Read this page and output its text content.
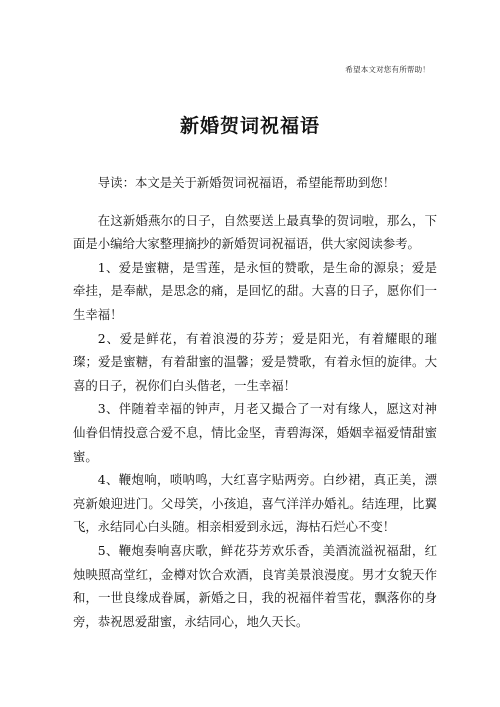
希望本文对您有所帮助！
新婚贺词祝福语

导读：本文是关于新婚贺词祝福语，希望能帮助到您！

在这新婚燕尔的日子，自然要送上最真挚的贺词啦，那么，下面是小编给大家整理摘抄的新婚贺词祝福语，供大家阅读参考。

1、爱是蜜糖，是雪莲，是永恒的赞歌，是生命的源泉；爱是牵挂，是奉献，是思念的痛，是回忆的甜。大喜的日子，愿你们一生幸福！

2、爱是鲜花，有着浪漫的芬芳；爱是阳光，有着耀眼的璀璨；爱是蜜糖，有着甜蜜的温馨；爱是赞歌，有着永恒的旋律。大喜的日子，祝你们白头偕老，一生幸福！

3、伴随着幸福的钟声，月老又撮合了一对有缘人，愿这对神仙眷侣情投意合爱不息，情比金坚，青碧海深，婚姻幸福爱情甜蜜蜜。

4、鞭炮响，唢呐鸣，大红喜字贴两旁。白纱裙，真正美，漂亮新娘迎进门。父母笑，小孩追，喜气洋洋办婚礼。结连理，比翼飞，永结同心白头随。相亲相爱到永远，海枯石烂心不变！

5、鞭炮奏响喜庆歌，鲜花芬芳欢乐香，美酒流溢祝福甜，红烛映照高堂红，金樽对饮合欢酒，良宵美景浪漫度。男才女貌天作和，一世良缘成眷属，新婚之日，我的祝福伴着雪花，飘落你的身旁，恭祝恩爱甜蜜，永结同心，地久天长。
